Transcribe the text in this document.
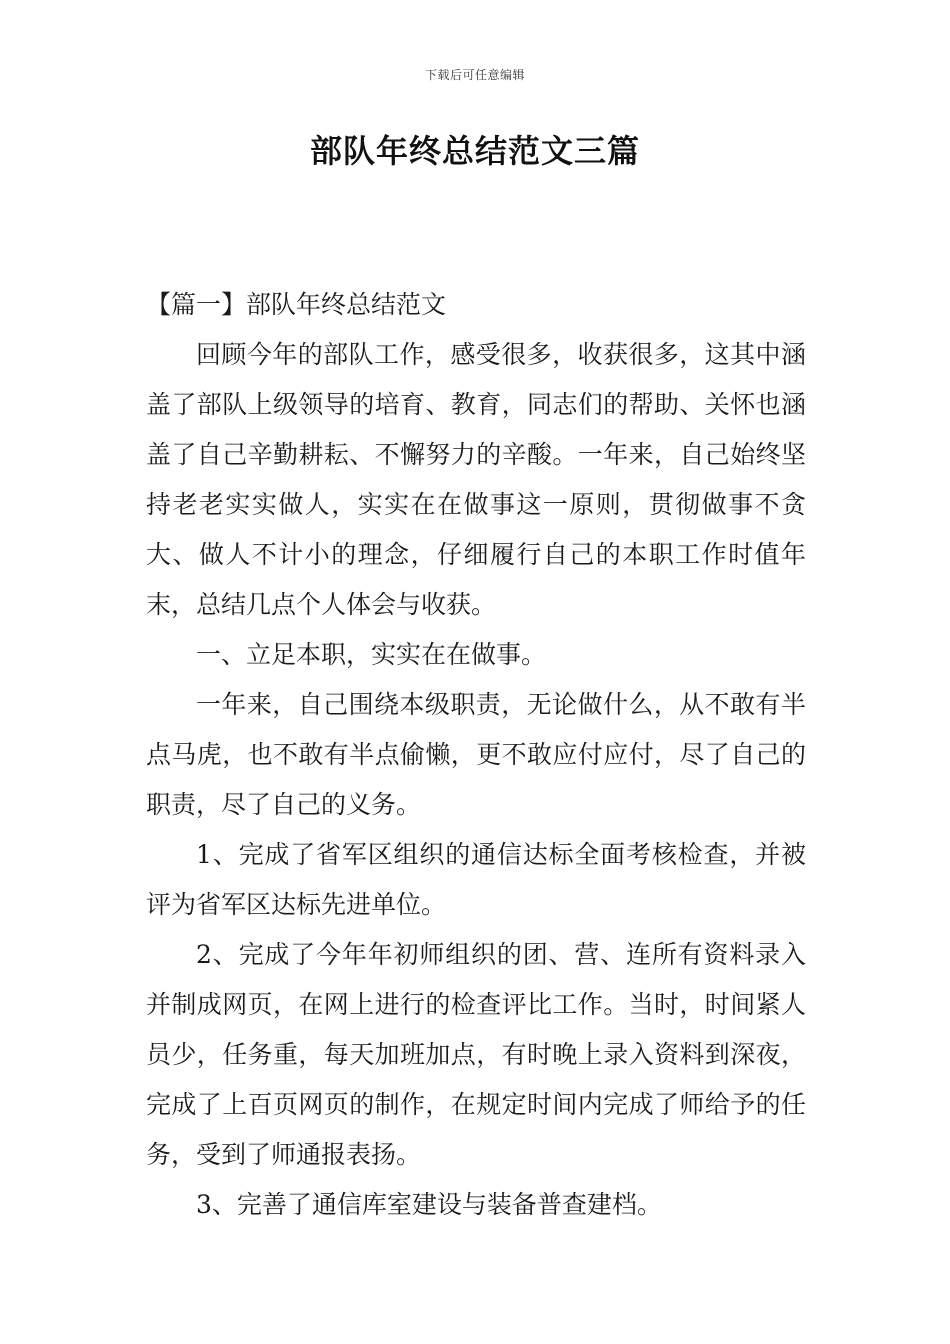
下载后可任意编辑
部队年终总结范文三篇
【篇一】部队年终总结范文

回顾今年的部队工作，感受很多，收获很多，这其中涵盖了部队上级领导的培育、教育，同志们的帮助、关怀也涵盖了自己辛勤耕耘、不懈努力的辛酸。一年来，自己始终坚持老老实实做人，实实在在做事这一原则，贯彻做事不贪大、做人不计小的理念，仔细履行自己的本职工作时值年末，总结几点个人体会与收获。

一、立足本职，实实在在做事。

一年来，自己围绕本级职责，无论做什么，从不敢有半点马虎，也不敢有半点偷懒，更不敢应付应付，尽了自己的职责，尽了自己的义务。

1、完成了省军区组织的通信达标全面考核检查，并被评为省军区达标先进单位。

2、完成了今年年初师组织的团、营、连所有资料录入并制成网页，在网上进行的检查评比工作。当时，时间紧人员少，任务重，每天加班加点，有时晚上录入资料到深夜，完成了上百页网页的制作，在规定时间内完成了师给予的任务，受到了师通报表扬。

3、完善了通信库室建设与装备普查建档。
